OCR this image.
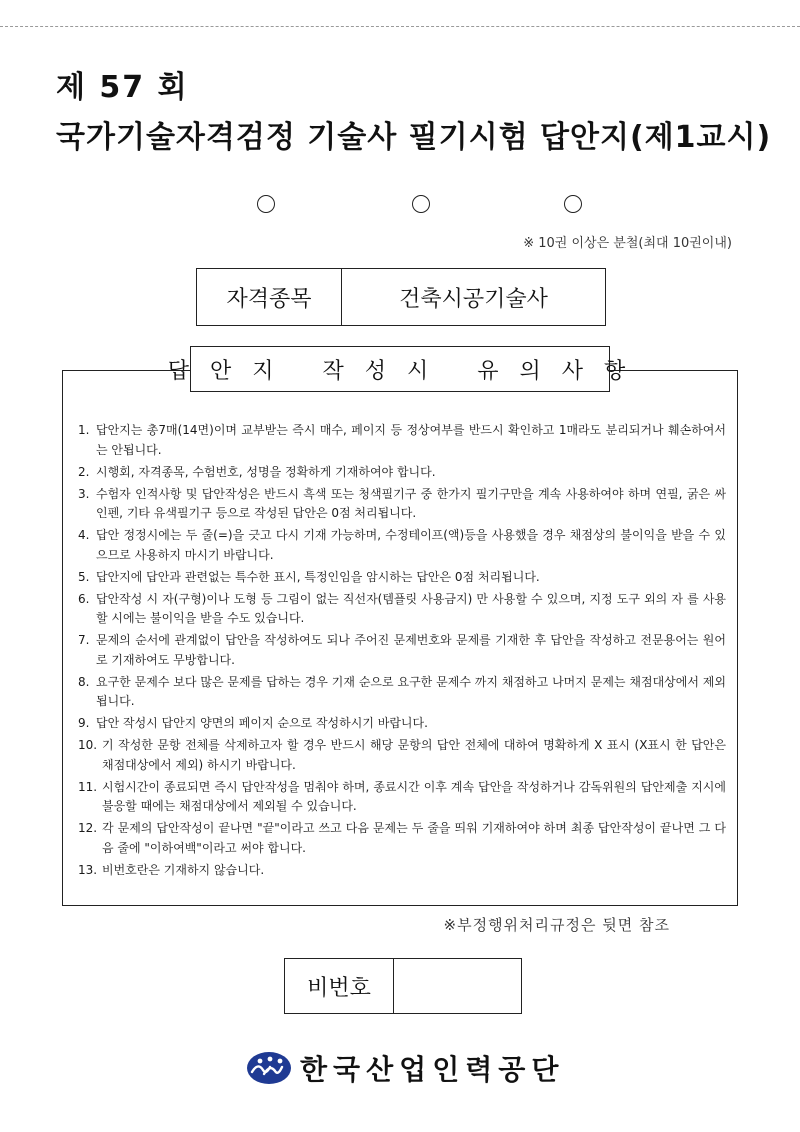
제 57 회
국가기술자격검정 기술사 필기시험 답안지(제1교시)
※ 10권 이상은 분철(최대 10권이내)
자격종목	건축시공기술사
답 안 지   작 성 시   유 의 사 항
1. 답안지는 총7매(14면)이며 교부받는 즉시 매수, 페이지 등 정상여부를 반드시 확인하고 1매라도 분리되거나 훼손하여서는 안됩니다.
2. 시행회, 자격종목, 수험번호, 성명을 정확하게 기재하여야 합니다.
3. 수험자 인적사항 및 답안작성은 반드시 흑색 또는 청색필기구 중 한가지 필기구만을 계속 사용하여야 하며 연필, 굵은 싸인펜, 기타 유색필기구 등으로 작성된 답안은 0점 처리됩니다.
4. 답안 정정시에는 두 줄(=)을 긋고 다시 기재 가능하며, 수정테이프(액)등을 사용했을 경우 채점상의 불이익을 받을 수 있으므로 사용하지 마시기 바랍니다.
5. 답안지에 답안과 관련없는 특수한 표시, 특정인임을 암시하는 답안은 0점 처리됩니다.
6. 답안작성 시 자(구형)이나 도형 등 그림이 없는 직선자(템플릿 사용금지) 만 사용할 수 있으며, 지정 도구 외의 자 를 사용할 시에는 불이익을 받을 수도 있습니다.
7. 문제의 순서에 관계없이 답안을 작성하여도 되나 주어진 문제번호와 문제를 기재한 후 답안을 작성하고 전문용어는 원어로 기재하여도 무방합니다.
8. 요구한 문제수 보다 많은 문제를 답하는 경우 기재 순으로 요구한 문제수 까지 채점하고 나머지 문제는 채점대상에서 제외됩니다.
9. 답안 작성시 답안지 양면의 페이지 순으로 작성하시기 바랍니다.
10. 기 작성한 문항 전체를 삭제하고자 할 경우 반드시 해당 문항의 답안 전체에 대하여 명확하게 X 표시 (X표시 한 답안은 채점대상에서 제외) 하시기 바랍니다.
11. 시험시간이 종료되면 즉시 답안작성을 멈춰야 하며, 종료시간 이후 계속 답안을 작성하거나 감독위원의 답안제출 지시에 불응할 때에는 채점대상에서 제외될 수 있습니다.
12. 각 문제의 답안작성이 끝나면 "끝"이라고 쓰고 다음 문제는 두 줄을 띄워 기재하여야 하며 최종 답안작성이 끝나면 그 다음 줄에 "이하여백"이라고 써야 합니다.
13. 비번호란은 기재하지 않습니다.
※부정행위처리규정은 뒷면 참조
비번호
한국산업인력공단
